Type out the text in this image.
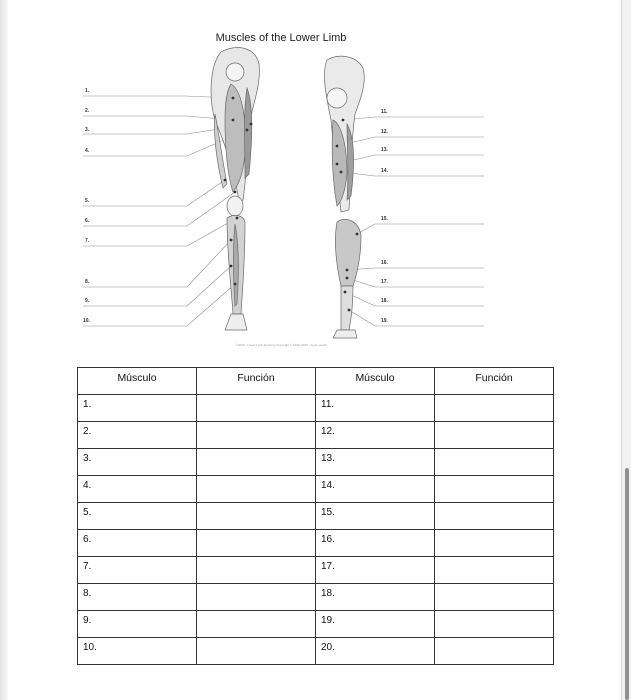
©2019 · Lower Limb Anatomy Copyright © 1999–2019 · figure credit
Muscles of the Lower Limb
1.
2.
3.
4.
5.
6.
7.
8.
9.
10.
11.
12.
13.
14.
15.
16.
17.
18.
19.
Músculo	Función	Músculo	Función
1.		11.	
2.		12.	
3.		13.	
4.		14.	
5.		15.	
6.		16.	
7.		17.	
8.		18.	
9.		19.	
10.		20.	
